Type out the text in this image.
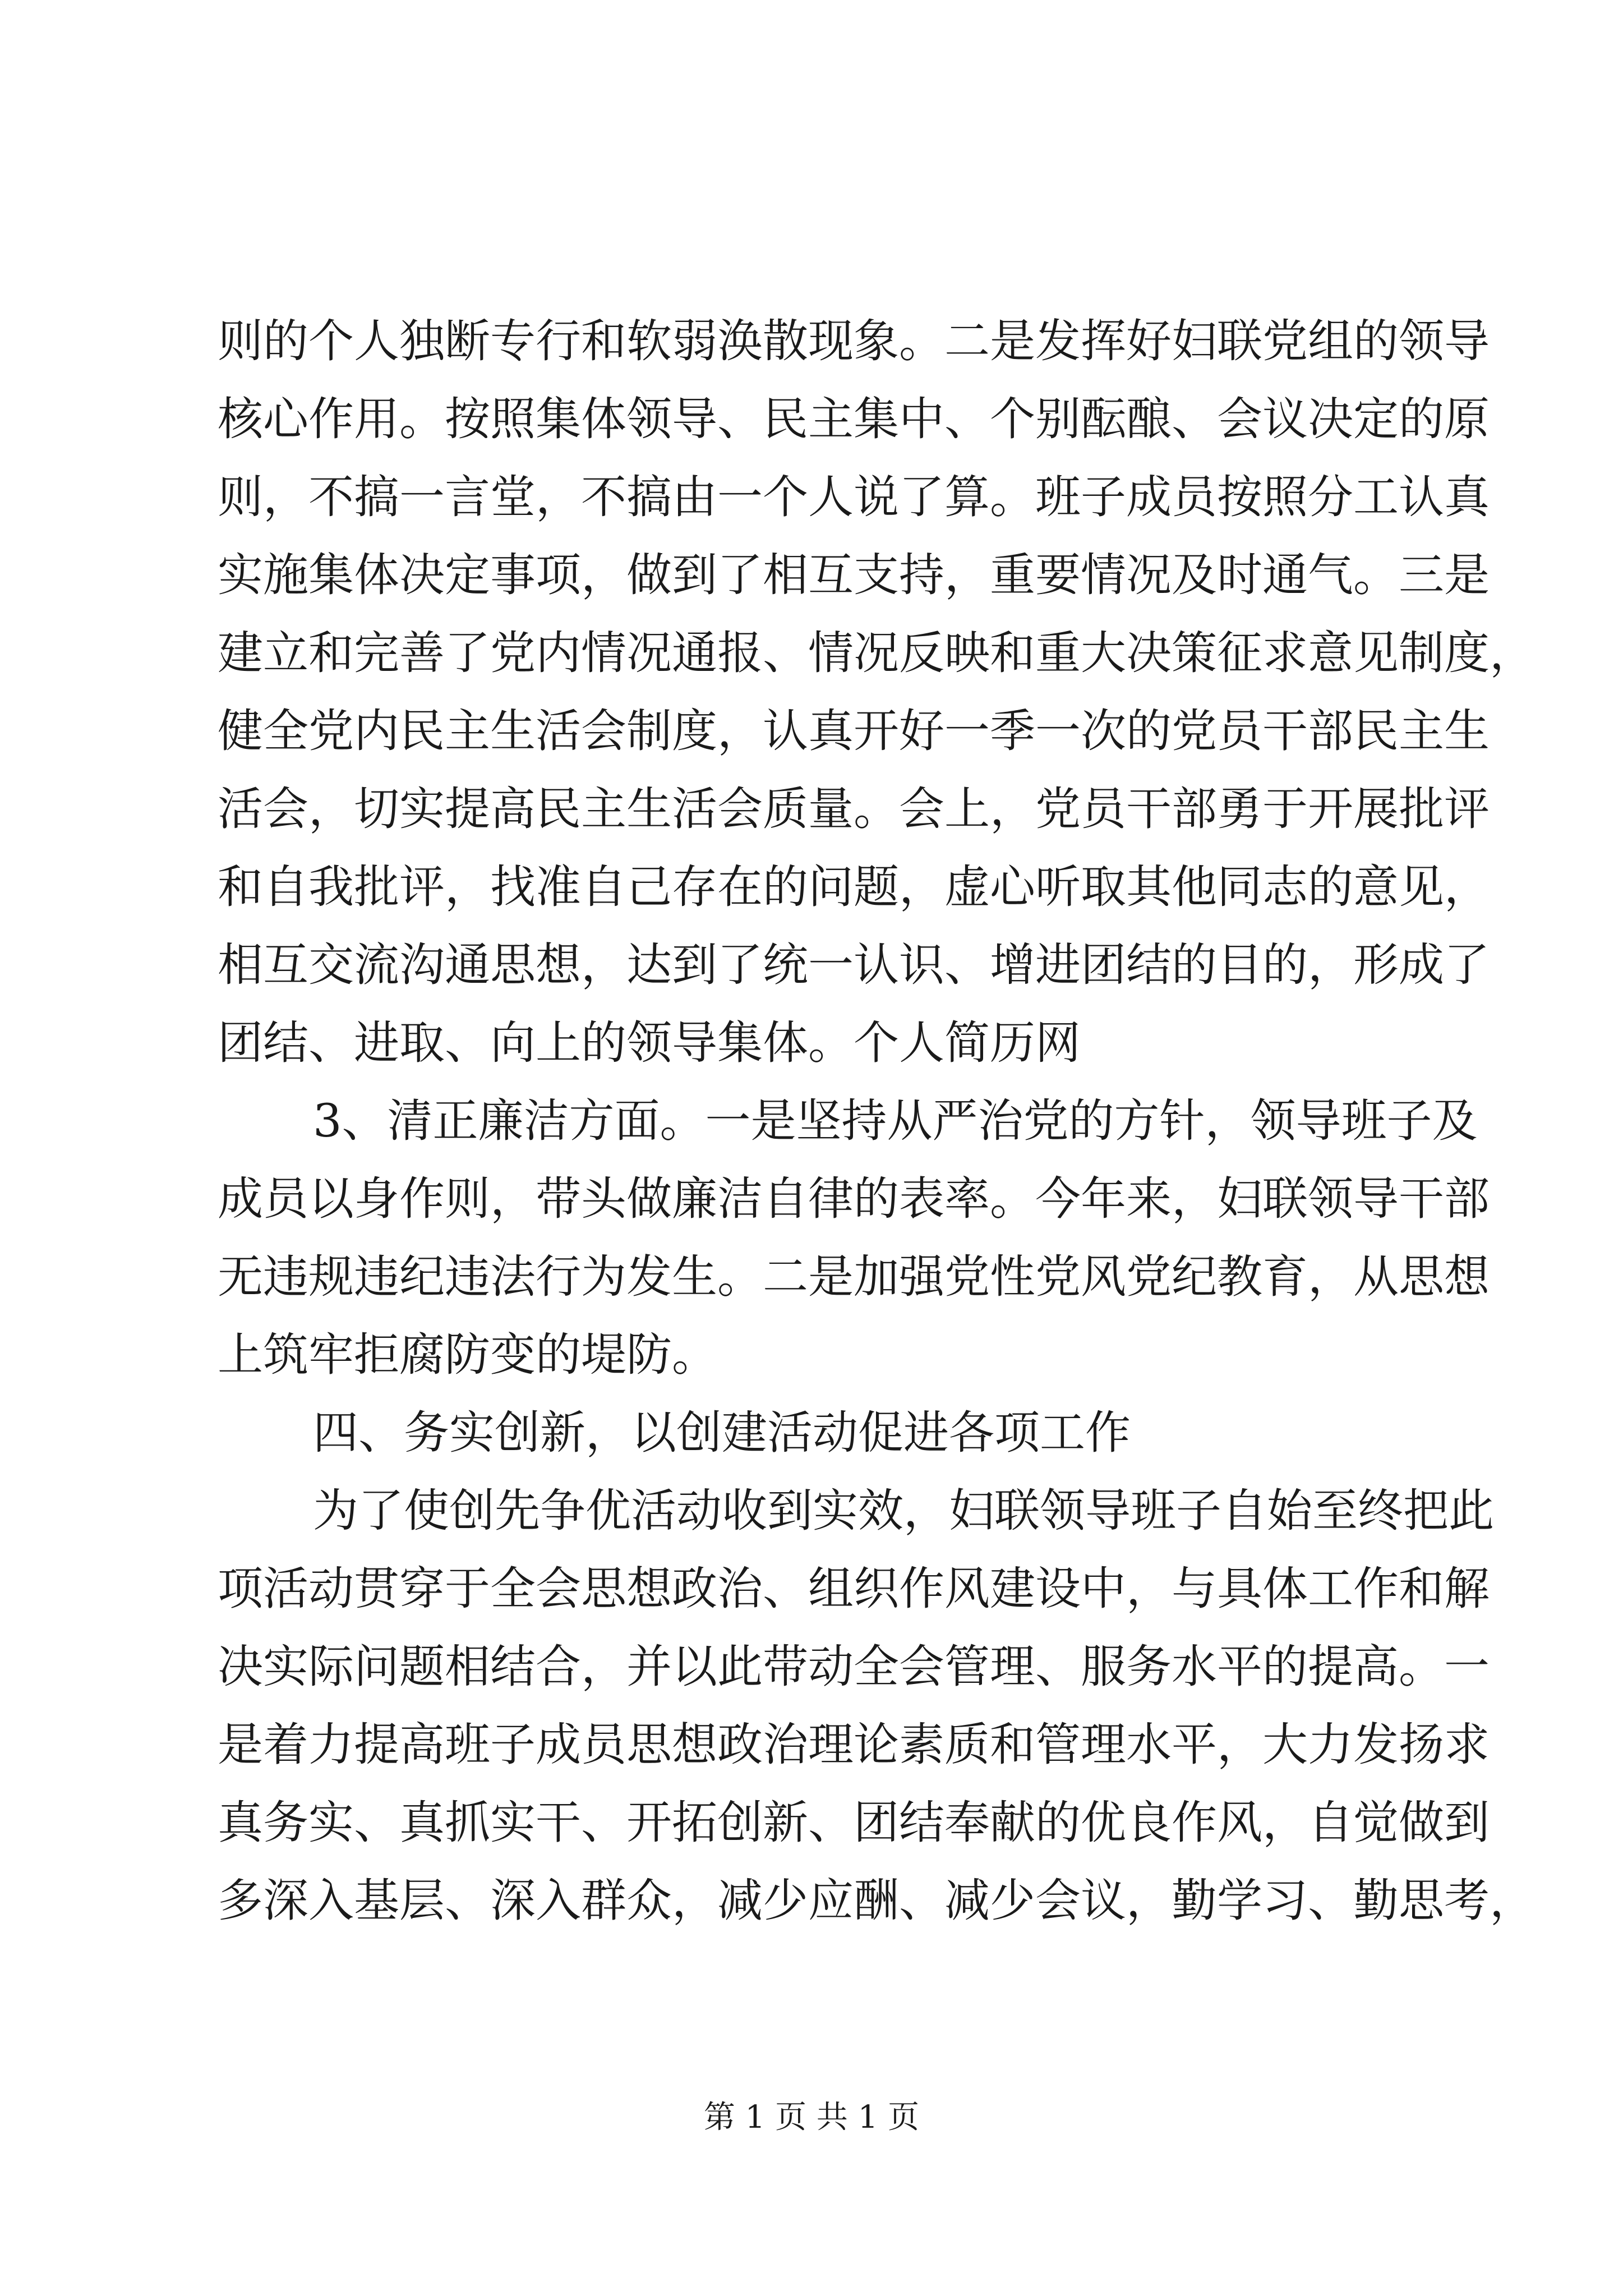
则的个人独断专行和软弱涣散现象。二是发挥好妇联党组的领导
核心作用。按照集体领导、民主集中、个别酝酿、会议决定的原
则，不搞一言堂，不搞由一个人说了算。班子成员按照分工认真
实施集体决定事项，做到了相互支持，重要情况及时通气。三是
建立和完善了党内情况通报、情况反映和重大决策征求意见制度，
健全党内民主生活会制度，认真开好一季一次的党员干部民主生
活会，切实提高民主生活会质量。会上，党员干部勇于开展批评
和自我批评，找准自己存在的问题，虚心听取其他同志的意见，
相互交流沟通思想，达到了统一认识、增进团结的目的，形成了
团结、进取、向上的领导集体。个人简历网
3、清正廉洁方面。一是坚持从严治党的方针，领导班子及
成员以身作则，带头做廉洁自律的表率。今年来，妇联领导干部
无违规违纪违法行为发生。二是加强党性党风党纪教育，从思想
上筑牢拒腐防变的堤防。
四、务实创新，以创建活动促进各项工作
为了使创先争优活动收到实效，妇联领导班子自始至终把此
项活动贯穿于全会思想政治、组织作风建设中，与具体工作和解
决实际问题相结合，并以此带动全会管理、服务水平的提高。一
是着力提高班子成员思想政治理论素质和管理水平，大力发扬求
真务实、真抓实干、开拓创新、团结奉献的优良作风，自觉做到
多深入基层、深入群众，减少应酬、减少会议，勤学习、勤思考，
第 1 页 共 1 页
